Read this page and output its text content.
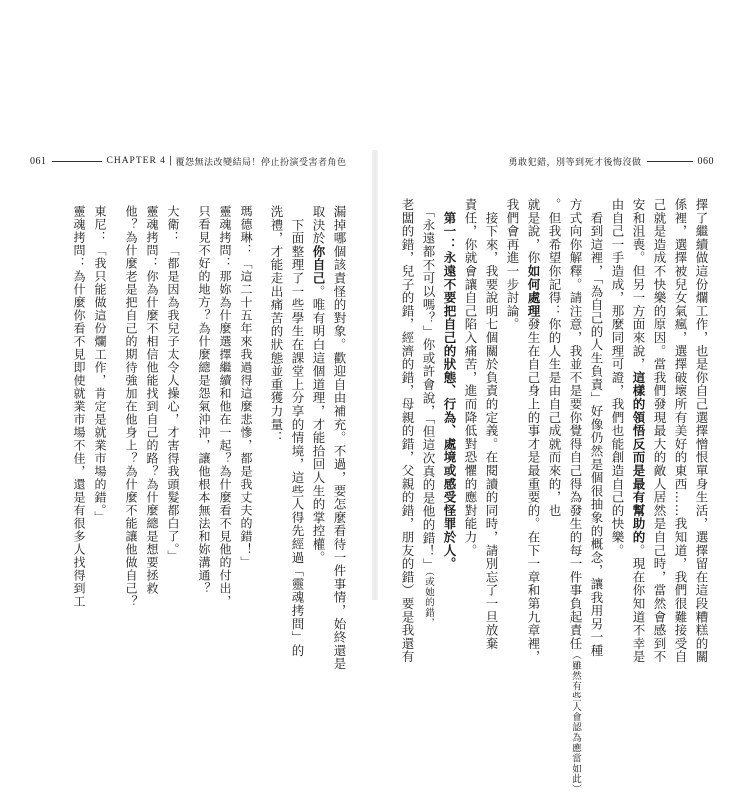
061	CHAPTER 4 | 覆怨無法改變結局！停止扮演受害者角色	勇敢犯錯，別等到死才後悔沒做	060
漏掉哪個該責怪的對象。歡迎自由補充。不過，要怎麼看待一件事情，始終還是
取決於你自己。唯有明白這個道理，才能拾回人生的掌控權。
　下面整理了一些學生在課堂上分享的情境，這些人得先經過「靈魂拷問」的
洗禮，才能走出痛苦的狀態並重獲力量：
瑪德琳：「這二十五年來我過得這麼悲慘，都是我丈夫的錯！」
靈魂拷問：那妳為什麼選擇繼續和他在一起？為什麼看不見他的付出，
只看見不好的地方？為什麼總是怨氣沖沖，讓他根本無法和妳溝通？
大衛：「都是因為我兒子太令人操心，才害得我頭髮都白了。」
靈魂拷問：你為什麼不相信他能找到自己的路？為什麼總是想要拯救
他？為什麼老是把自己的期待強加在他身上？為什麼不能讓他做自己？
東尼：「我只能做這份爛工作，肯定是就業市場的錯。」
靈魂拷問：為什麼你看不見即使就業市場不佳，還是有很多人找得到工	擇了繼續做這份爛工作，也是你自己選擇憎恨單身生活，選擇留在這段糟糕的關
係裡，選擇被兒女氣瘋，選擇破壞所有美好的東西……我知道，我們很難接受自
己就是造成不快樂的原因。當我們發現最大的敵人居然是自己時，當然會感到不
安和沮喪。但另一方面來說，這樣的領悟反而是最有幫助的。現在你知道不幸是
由自己一手造成，那麼同理可證，我們也能創造自己的快樂。
　看到這裡，「為自己的人生負責」好像仍然是個很抽象的概念，讓我用另一種
方式向你解釋。請注意，我並不是要你覺得自己得為發生的每一件事負起責任（雖然有些人會認為應當如此）
。但我希望你記得：你的人生是由自己成就而來的，也
就是說，你如何處理發生在自己身上的事才是最重要的。在下一章和第九章裡，
我們會再進一步討論。
　接下來，我要說明七個關於負責的定義。在閱讀的同時，請別忘了一旦放棄
責任，你就會讓自己陷入痛苦，進而降低對恐懼的應對能力。
　第一：永遠不要把自己的狀態、行為、處境或感受怪罪於人。
　「永遠都不可以嗎？」你或許會說，「但這次真的是他的錯！」（或她的錯，
老闆的錯，兒子的錯，經濟的錯，母親的錯，父親的錯，朋友的錯）要是我還有
